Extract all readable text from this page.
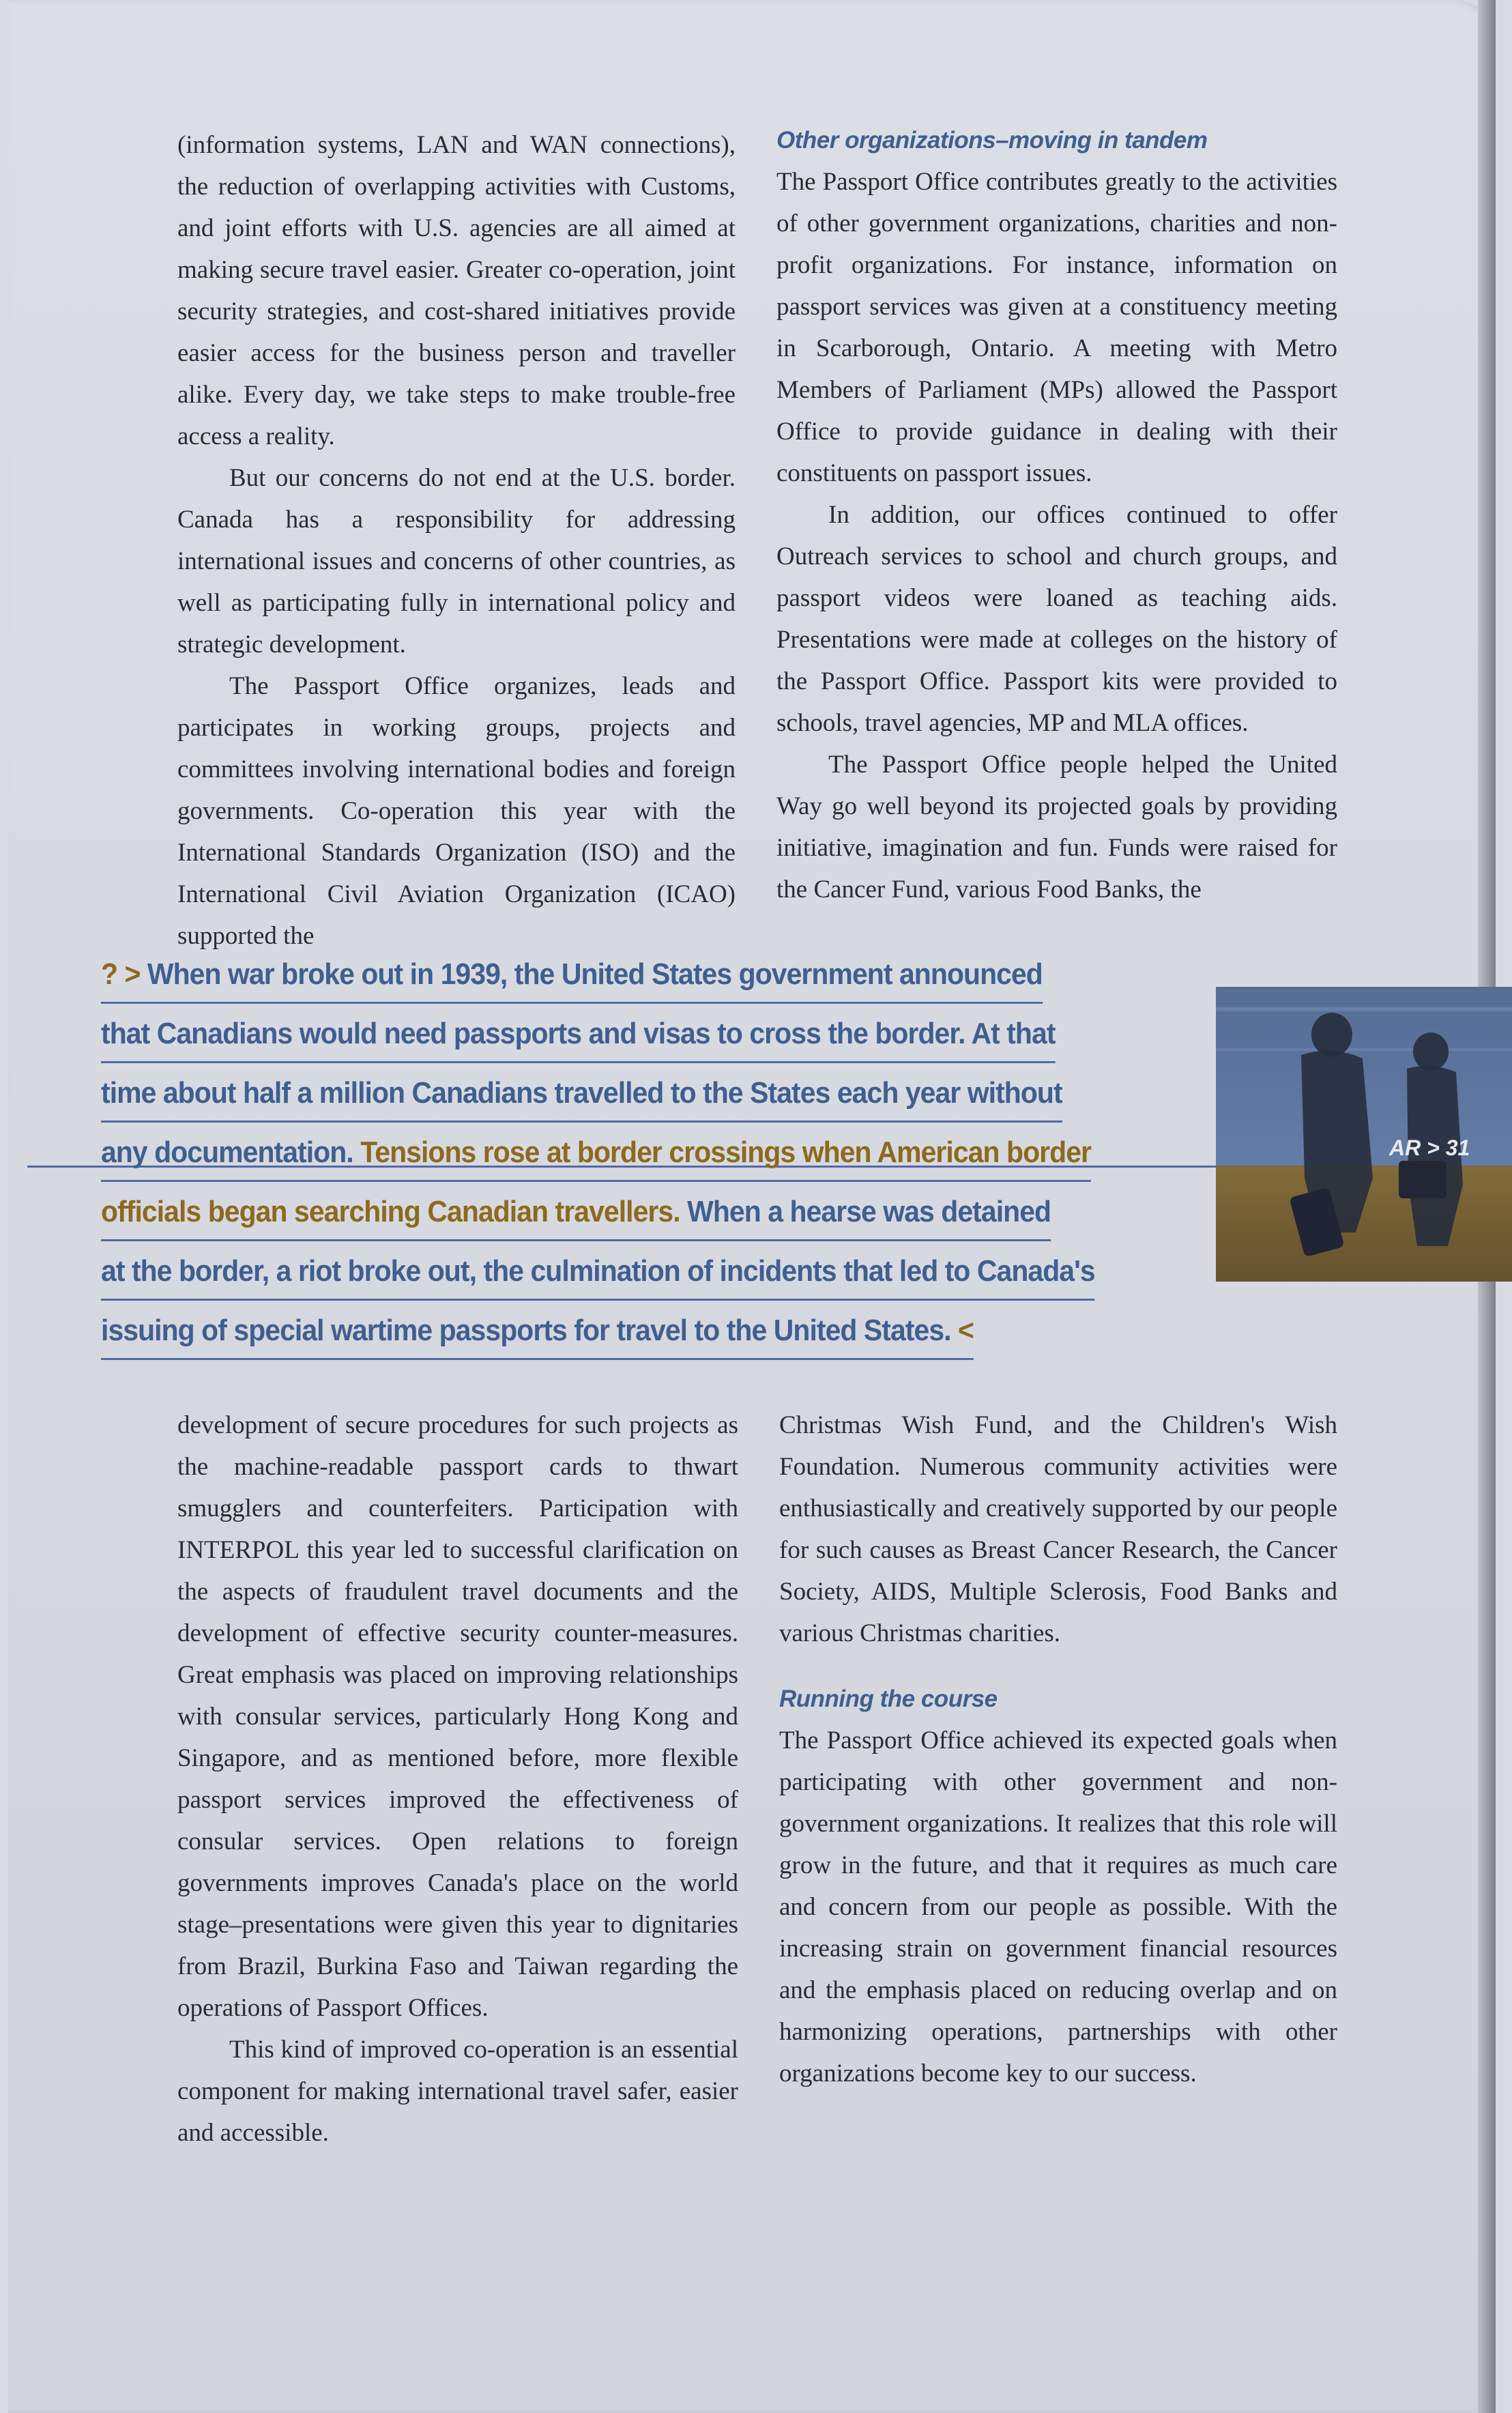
(information systems, LAN and WAN connections), the reduction of overlapping activities with Customs, and joint efforts with U.S. agencies are all aimed at making secure travel easier. Greater co-operation, joint security strategies, and cost-shared initiatives provide easier access for the business person and traveller alike. Every day, we take steps to make trouble-free access a reality.

But our concerns do not end at the U.S. border. Canada has a responsibility for addressing international issues and concerns of other countries, as well as participating fully in international policy and strategic development.

The Passport Office organizes, leads and participates in working groups, projects and committees involving international bodies and foreign governments. Co-operation this year with the International Standards Organization (ISO) and the International Civil Aviation Organization (ICAO) supported the

Other organizations–moving in tandem

The Passport Office contributes greatly to the activities of other government organizations, charities and non-profit organizations. For instance, information on passport services was given at a constituency meeting in Scarborough, Ontario. A meeting with Metro Members of Parliament (MPs) allowed the Passport Office to provide guidance in dealing with their constituents on passport issues.

In addition, our offices continued to offer Outreach services to school and church groups, and passport videos were loaned as teaching aids. Presentations were made at colleges on the history of the Passport Office. Passport kits were provided to schools, travel agencies, MP and MLA offices.

The Passport Office people helped the United Way go well beyond its projected goals by providing initiative, imagination and fun. Funds were raised for the Cancer Fund, various Food Banks, the

development of secure procedures for such projects as the machine-readable passport cards to thwart smugglers and counterfeiters. Participation with INTERPOL this year led to successful clarification on the aspects of fraudulent travel documents and the development of effective security counter-measures. Great emphasis was placed on improving relationships with consular services, particularly Hong Kong and Singapore, and as mentioned before, more flexible passport services improved the effectiveness of consular services. Open relations to foreign governments improves Canada's place on the world stage–presentations were given this year to dignitaries from Brazil, Burkina Faso and Taiwan regarding the operations of Passport Offices.

This kind of improved co-operation is an essential component for making international travel safer, easier and accessible.

Christmas Wish Fund, and the Children's Wish Foundation. Numerous community activities were enthusiastically and creatively supported by our people for such causes as Breast Cancer Research, the Cancer Society, AIDS, Multiple Sclerosis, Food Banks and various Christmas charities.

Running the course

The Passport Office achieved its expected goals when participating with other government and non-government organizations. It realizes that this role will grow in the future, and that it requires as much care and concern from our people as possible. With the increasing strain on government financial resources and the emphasis placed on reducing overlap and on harmonizing operations, partnerships with other organizations become key to our success.

? > When war broke out in 1939, the United States government announced
that Canadians would need passports and visas to cross the border. At that
time about half a million Canadians travelled to the States each year without
any documentation. Tensions rose at border crossings when American border
officials began searching Canadian travellers. When a hearse was detained
at the border, a riot broke out, the culmination of incidents that led to Canada's
issuing of special wartime passports for travel to the United States. <
AR > 31
